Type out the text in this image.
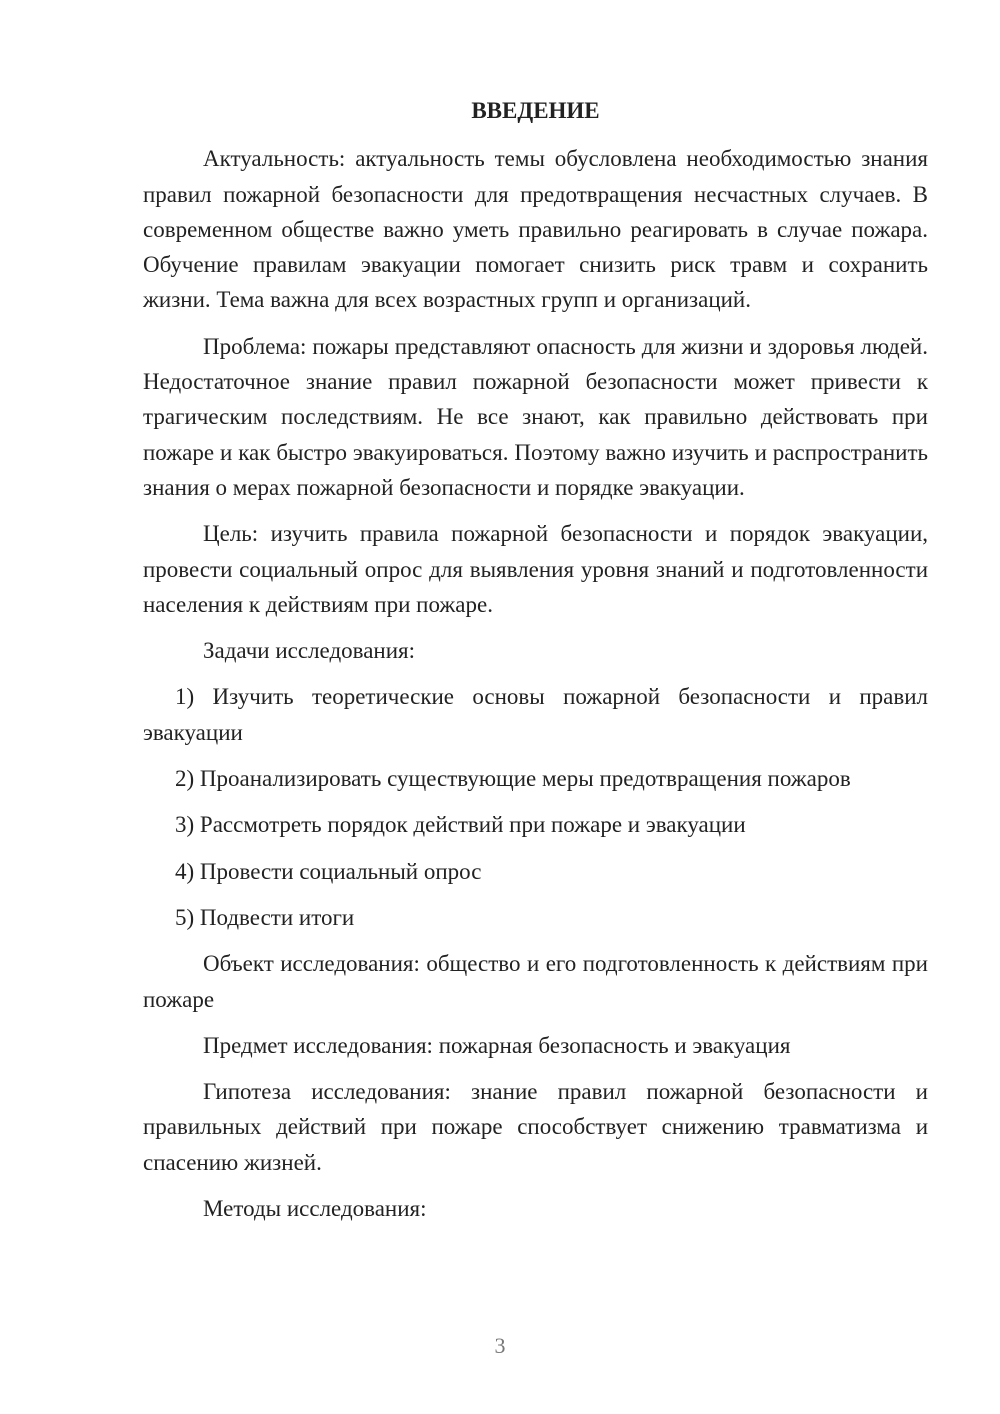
ВВЕДЕНИЕ

Актуальность: актуальность темы обусловлена необходимостью знания правил пожарной безопасности для предотвращения несчастных случаев. В современном обществе важно уметь правильно реагировать в случае пожара. Обучение правилам эвакуации помогает снизить риск травм и сохранить жизни. Тема важна для всех возрастных групп и организаций.

Проблема: пожары представляют опасность для жизни и здоровья людей. Недостаточное знание правил пожарной безопасности может привести к трагическим последствиям. Не все знают, как правильно действовать при пожаре и как быстро эвакуироваться. Поэтому важно изучить и распространить знания о мерах пожарной безопасности и порядке эвакуации.

Цель: изучить правила пожарной безопасности и порядок эвакуации, провести социальный опрос для выявления уровня знаний и подготовленности населения к действиям при пожаре.

Задачи исследования:

1) Изучить теоретические основы пожарной безопасности и правил эвакуации

2) Проанализировать существующие меры предотвращения пожаров

3) Рассмотреть порядок действий при пожаре и эвакуации

4) Провести социальный опрос

5) Подвести итоги

Объект исследования: общество и его подготовленность к действиям при пожаре

Предмет исследования: пожарная безопасность и эвакуация

Гипотеза исследования: знание правил пожарной безопасности и правильных действий при пожаре способствует снижению травматизма и спасению жизней.

Методы исследования:

3
